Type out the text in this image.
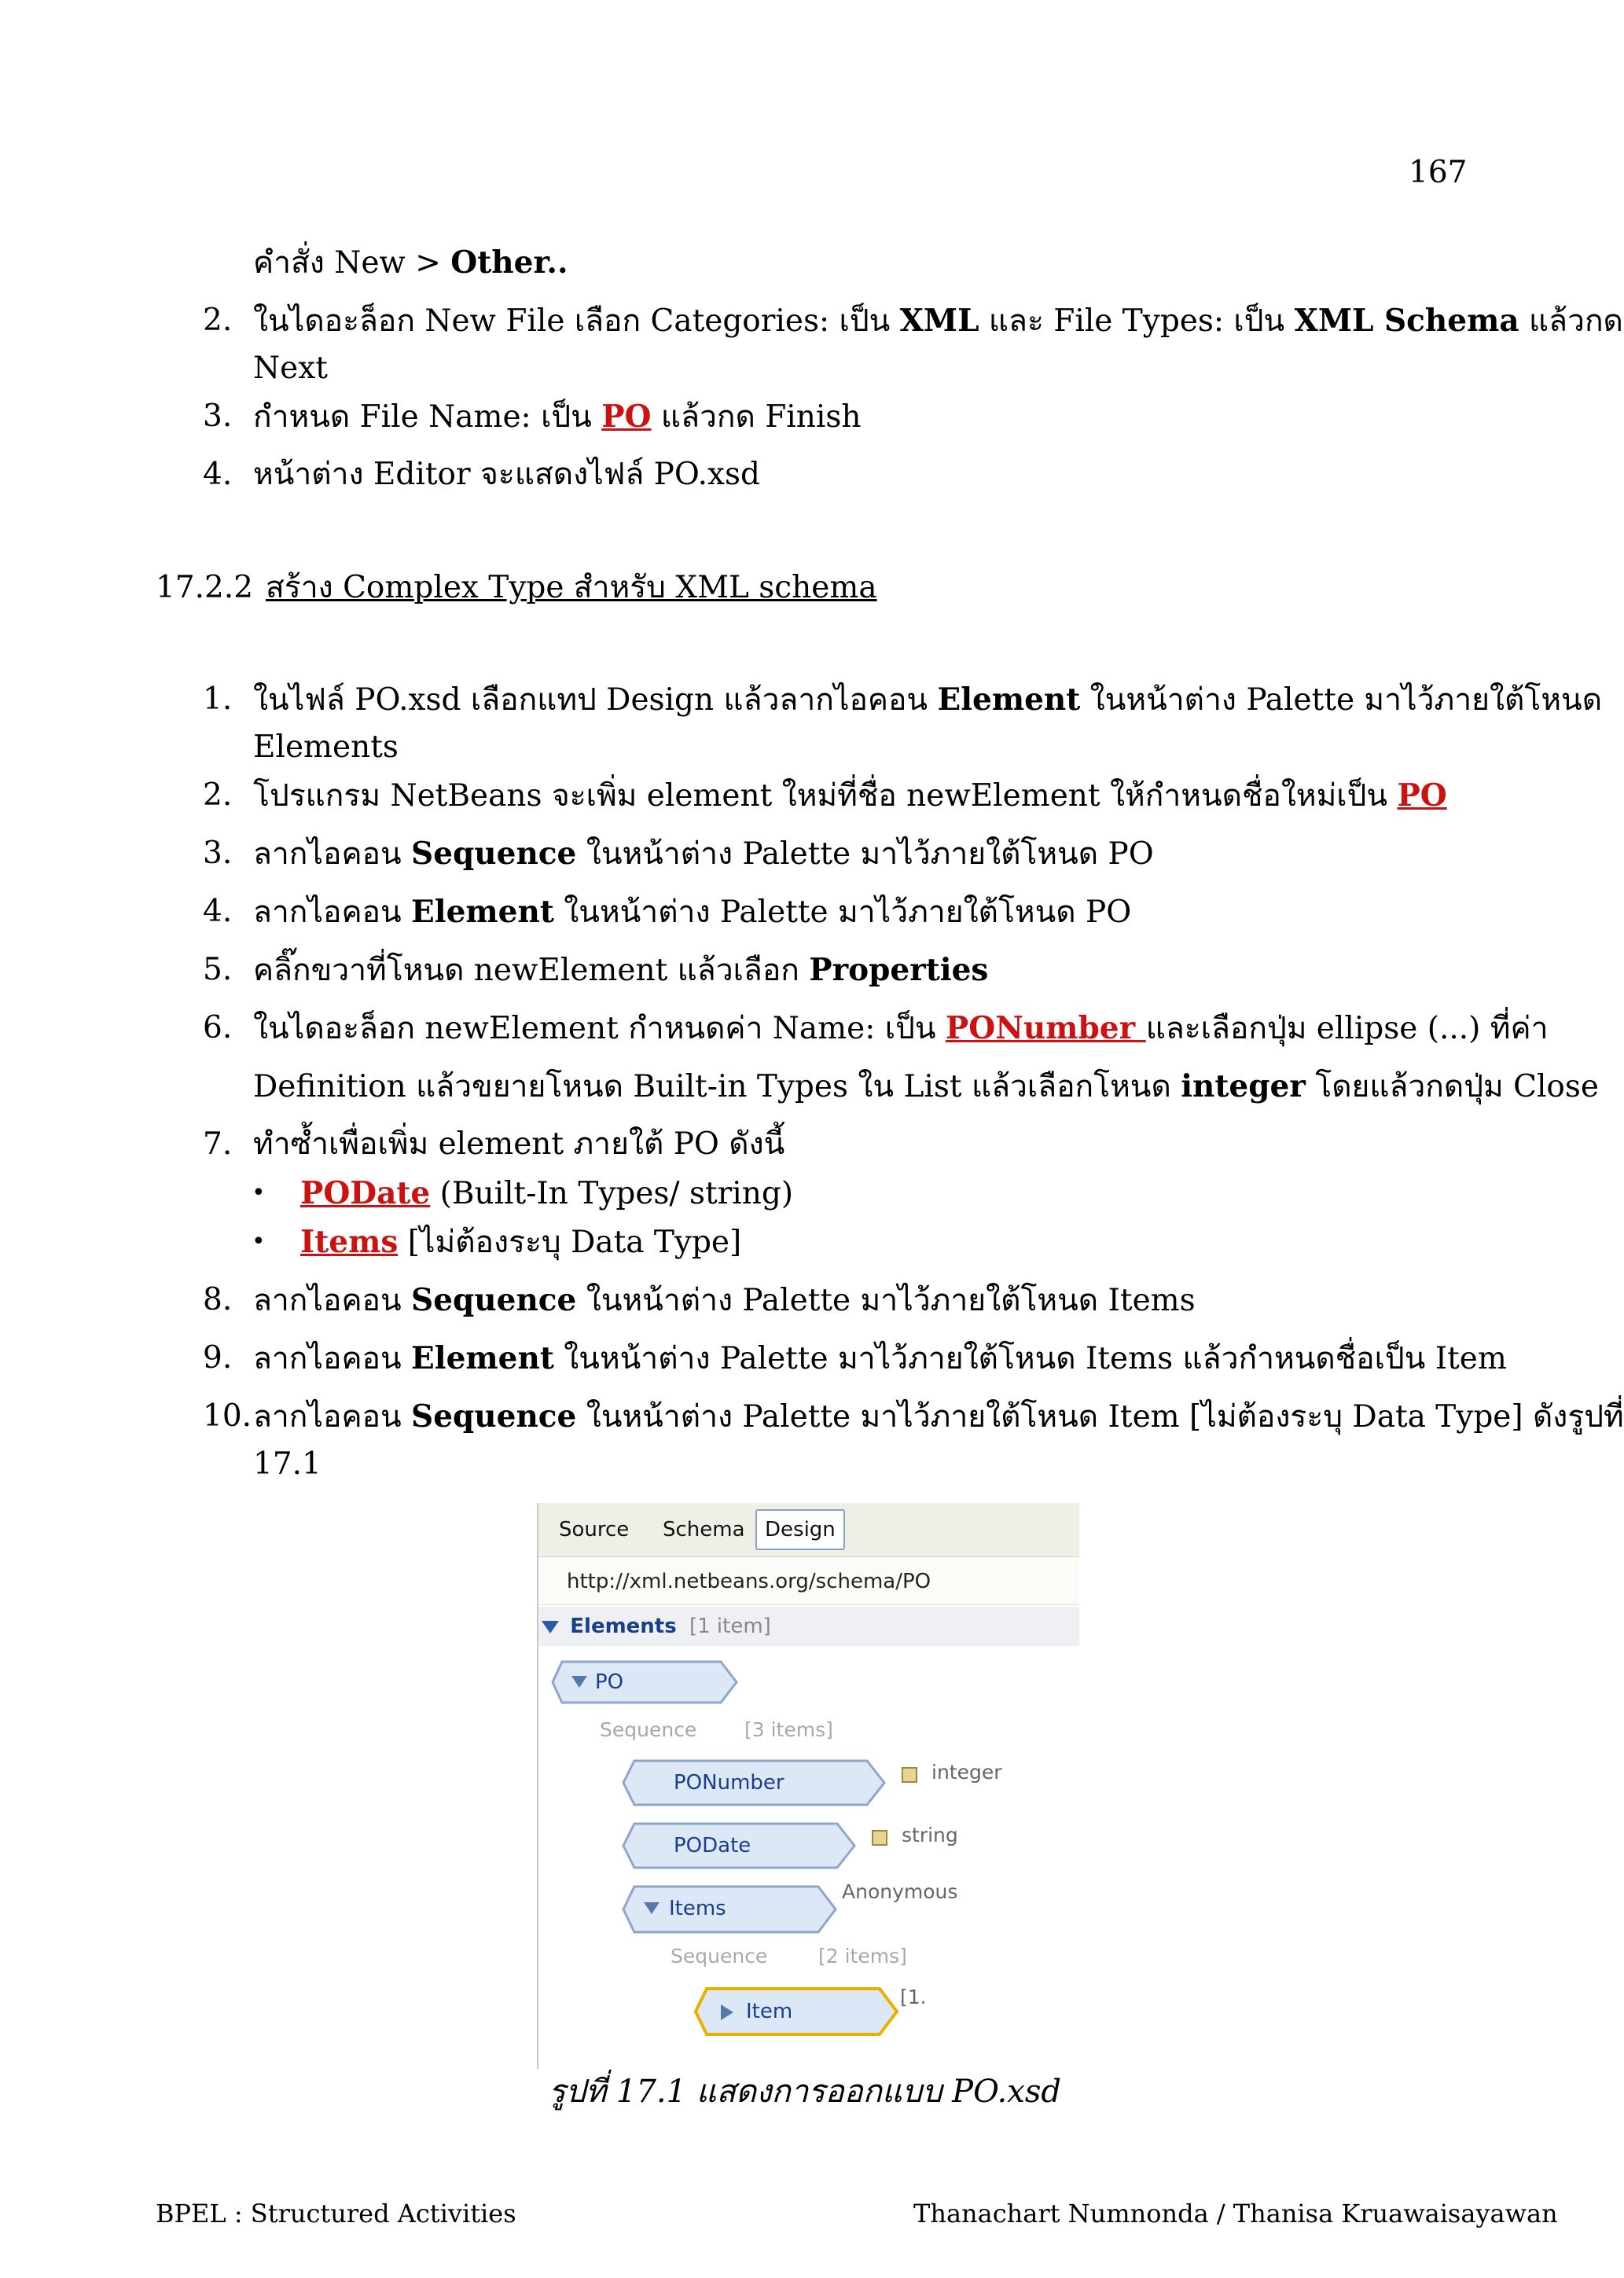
167
คำสั่ง New > Other..
2. ในไดอะล็อก New File เลือก Categories: เป็น XML และ File Types: เป็น XML Schema แล้วกด
Next
3. กำหนด File Name: เป็น PO แล้วกด Finish
4. หน้าต่าง Editor จะแสดงไฟล์ PO.xsd
17.2.2 สร้าง Complex Type สำหรับ XML schema
1. ในไฟล์ PO.xsd เลือกแทป Design แล้วลากไอคอน Element ในหน้าต่าง Palette มาไว้ภายใต้โหนด
Elements
2. โปรแกรม NetBeans จะเพิ่ม element ใหม่ที่ชื่อ newElement ให้กำหนดชื่อใหม่เป็น PO
3. ลากไอคอน Sequence ในหน้าต่าง Palette มาไว้ภายใต้โหนด PO
4. ลากไอคอน Element ในหน้าต่าง Palette มาไว้ภายใต้โหนด PO
5. คลิ๊กขวาที่โหนด newElement แล้วเลือก Properties
6. ในไดอะล็อก newElement กำหนดค่า Name: เป็น PONumber และเลือกปุ่ม ellipse (...) ที่ค่า
Definition แล้วขยายโหนด Built-in Types ใน List แล้วเลือกโหนด integer โดยแล้วกดปุ่ม Close
7. ทำซ้ำเพื่อเพิ่ม element ภายใต้ PO ดังนี้
• PODate (Built-In Types/ string)
• Items [ไม่ต้องระบุ Data Type]
8. ลากไอคอน Sequence ในหน้าต่าง Palette มาไว้ภายใต้โหนด Items
9. ลากไอคอน Element ในหน้าต่าง Palette มาไว้ภายใต้โหนด Items แล้วกำหนดชื่อเป็น Item
10. ลากไอคอน Sequence ในหน้าต่าง Palette มาไว้ภายใต้โหนด Item [ไม่ต้องระบุ Data Type] ดังรูปที่
17.1
Source	Schema Design
http://xml.netbeans.org/schema/PO
Elements [1 item]
PO
Sequence [3 items]
PONumber	integer
PODate	string
Items
Anonymous
Sequence	[2 items]
Item
[1.
รูปที่ 17.1 แสดงการออกแบบ PO.xsd
BPEL : Structured Activities	Thanachart Numnonda / Thanisa Kruawaisayawan
